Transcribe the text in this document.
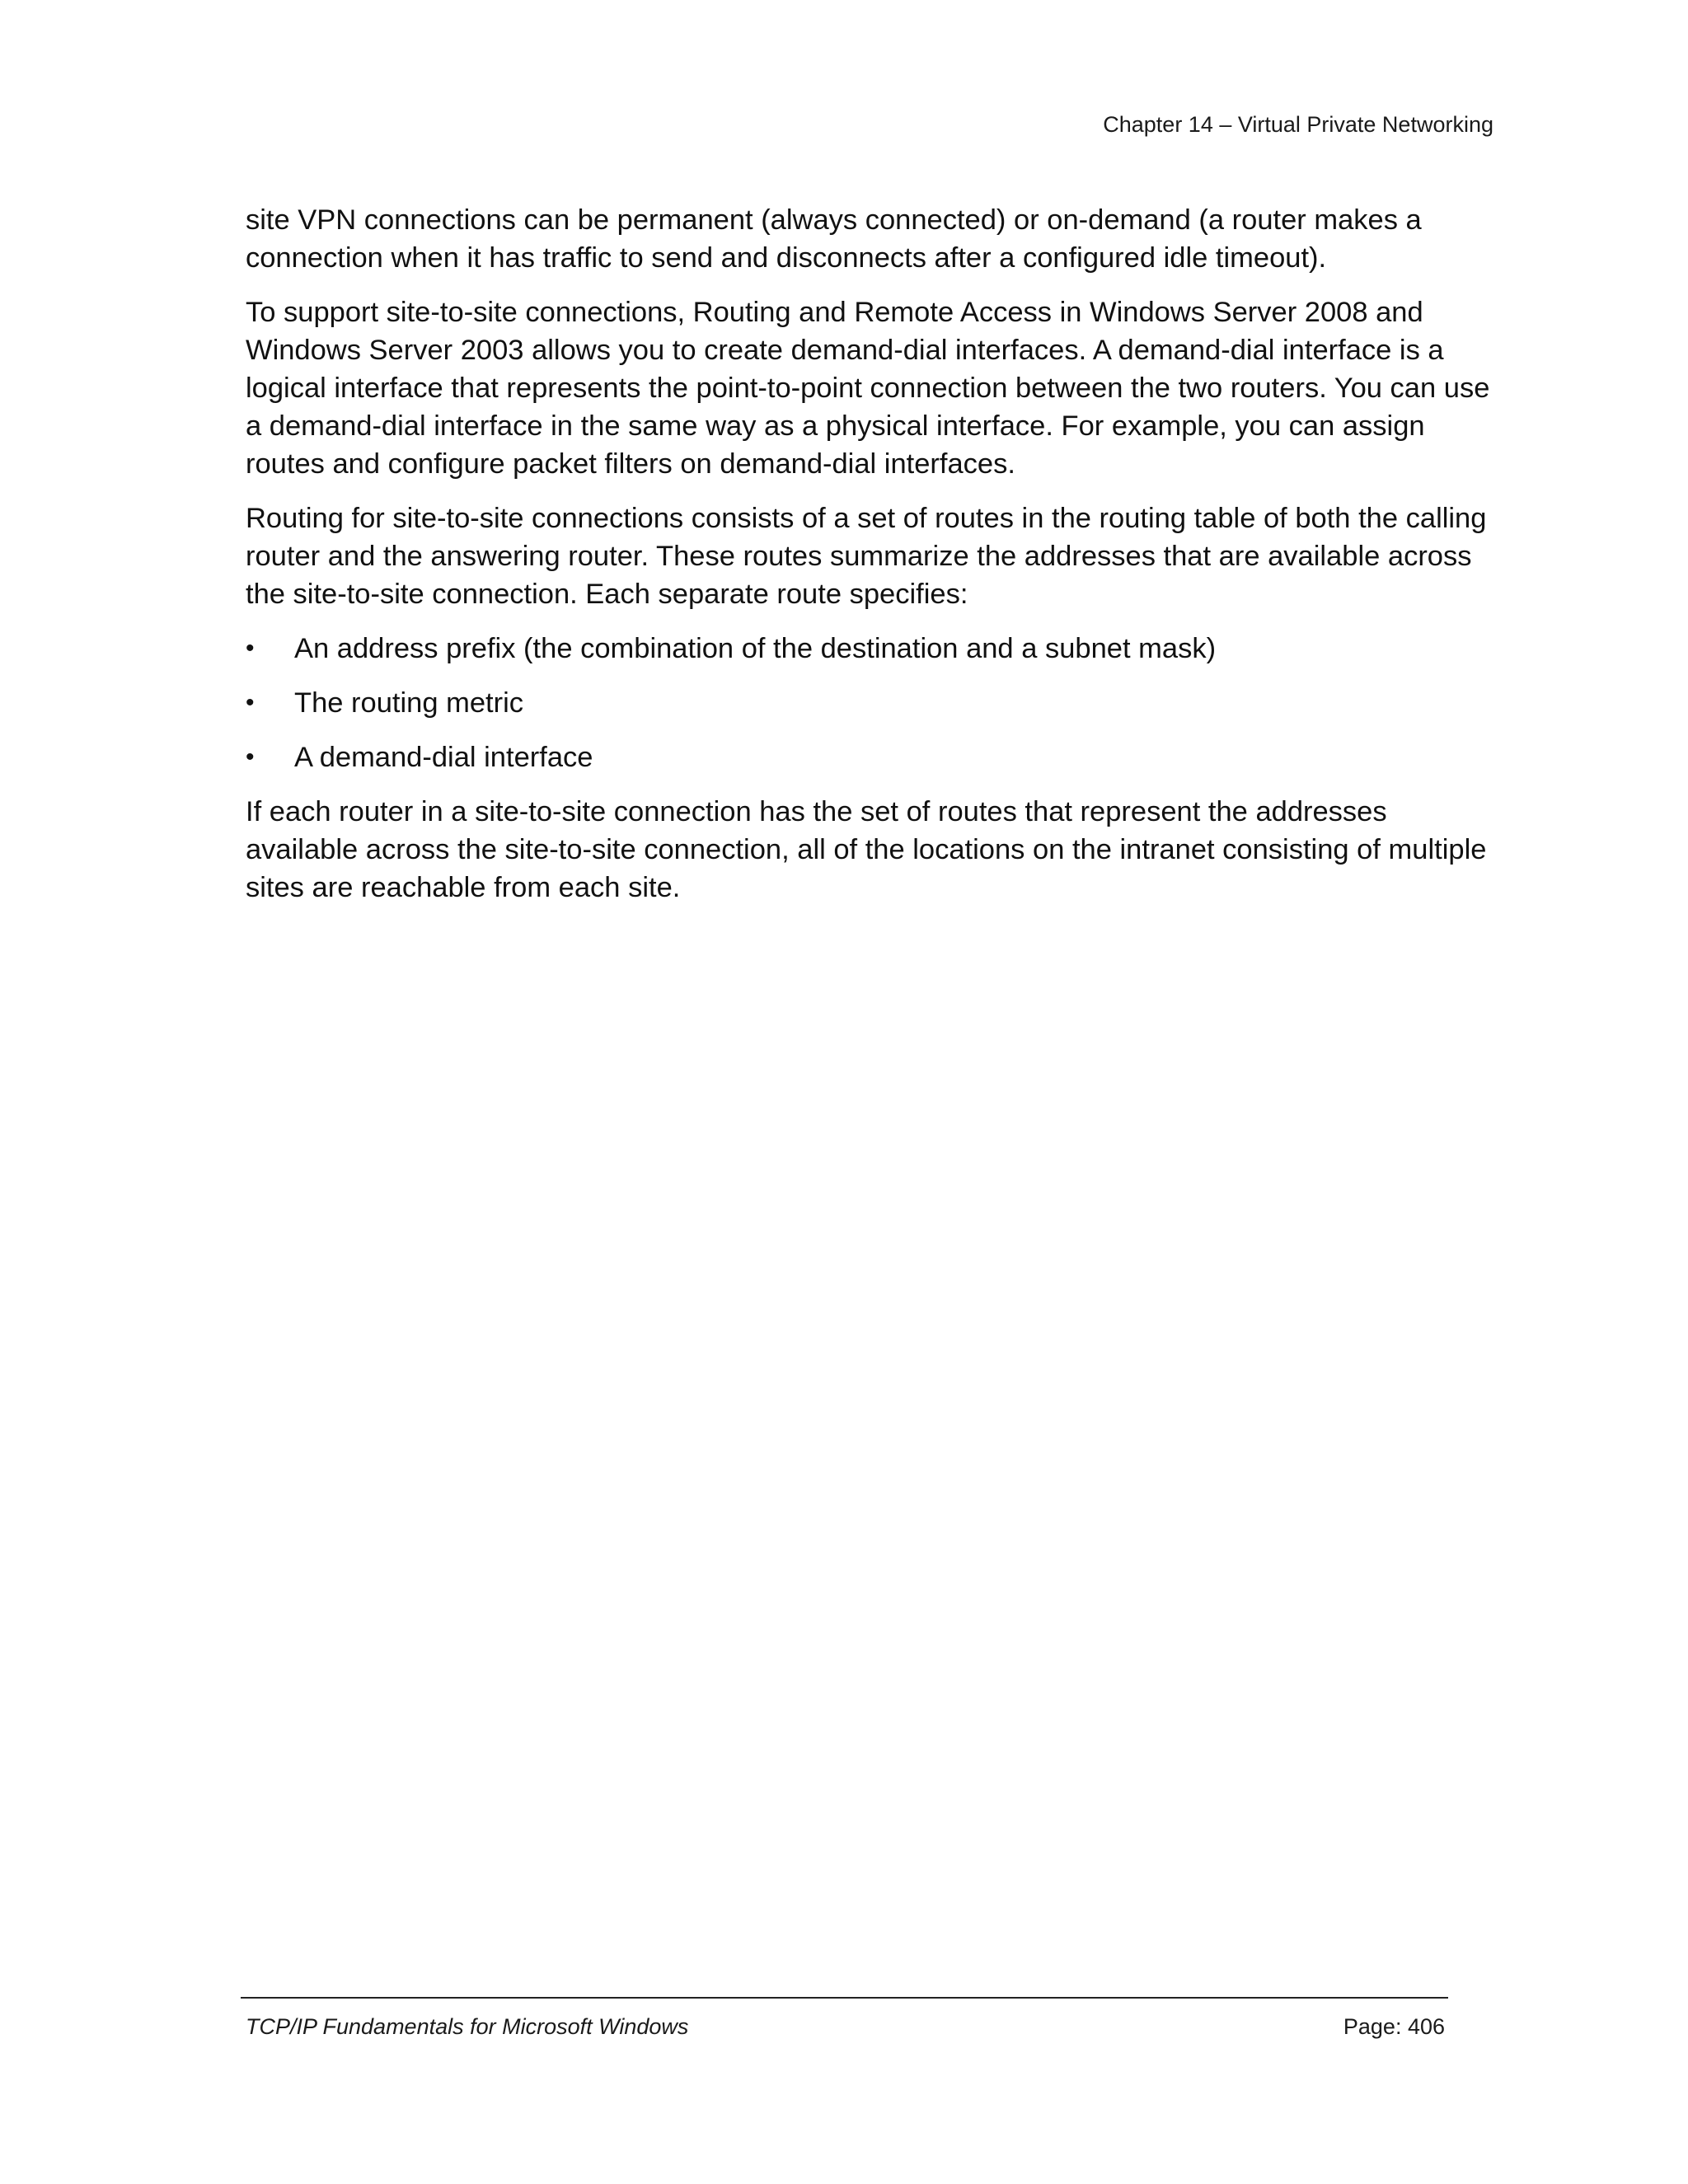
Chapter 14 – Virtual Private Networking

site VPN connections can be permanent (always connected) or on-demand (a router makes a connection when it has traffic to send and disconnects after a configured idle timeout).

To support site-to-site connections, Routing and Remote Access in Windows Server 2008 and Windows Server 2003 allows you to create demand-dial interfaces. A demand-dial interface is a logical interface that represents the point-to-point connection between the two routers. You can use a demand-dial interface in the same way as a physical interface. For example, you can assign routes and configure packet filters on demand-dial interfaces.

Routing for site-to-site connections consists of a set of routes in the routing table of both the calling router and the answering router. These routes summarize the addresses that are available across the site-to-site connection. Each separate route specifies:

•	An address prefix (the combination of the destination and a subnet mask)
•	The routing metric
•	A demand-dial interface

If each router in a site-to-site connection has the set of routes that represent the addresses available across the site-to-site connection, all of the locations on the intranet consisting of multiple sites are reachable from each site.

TCP/IP Fundamentals for Microsoft Windows	Page: 406
